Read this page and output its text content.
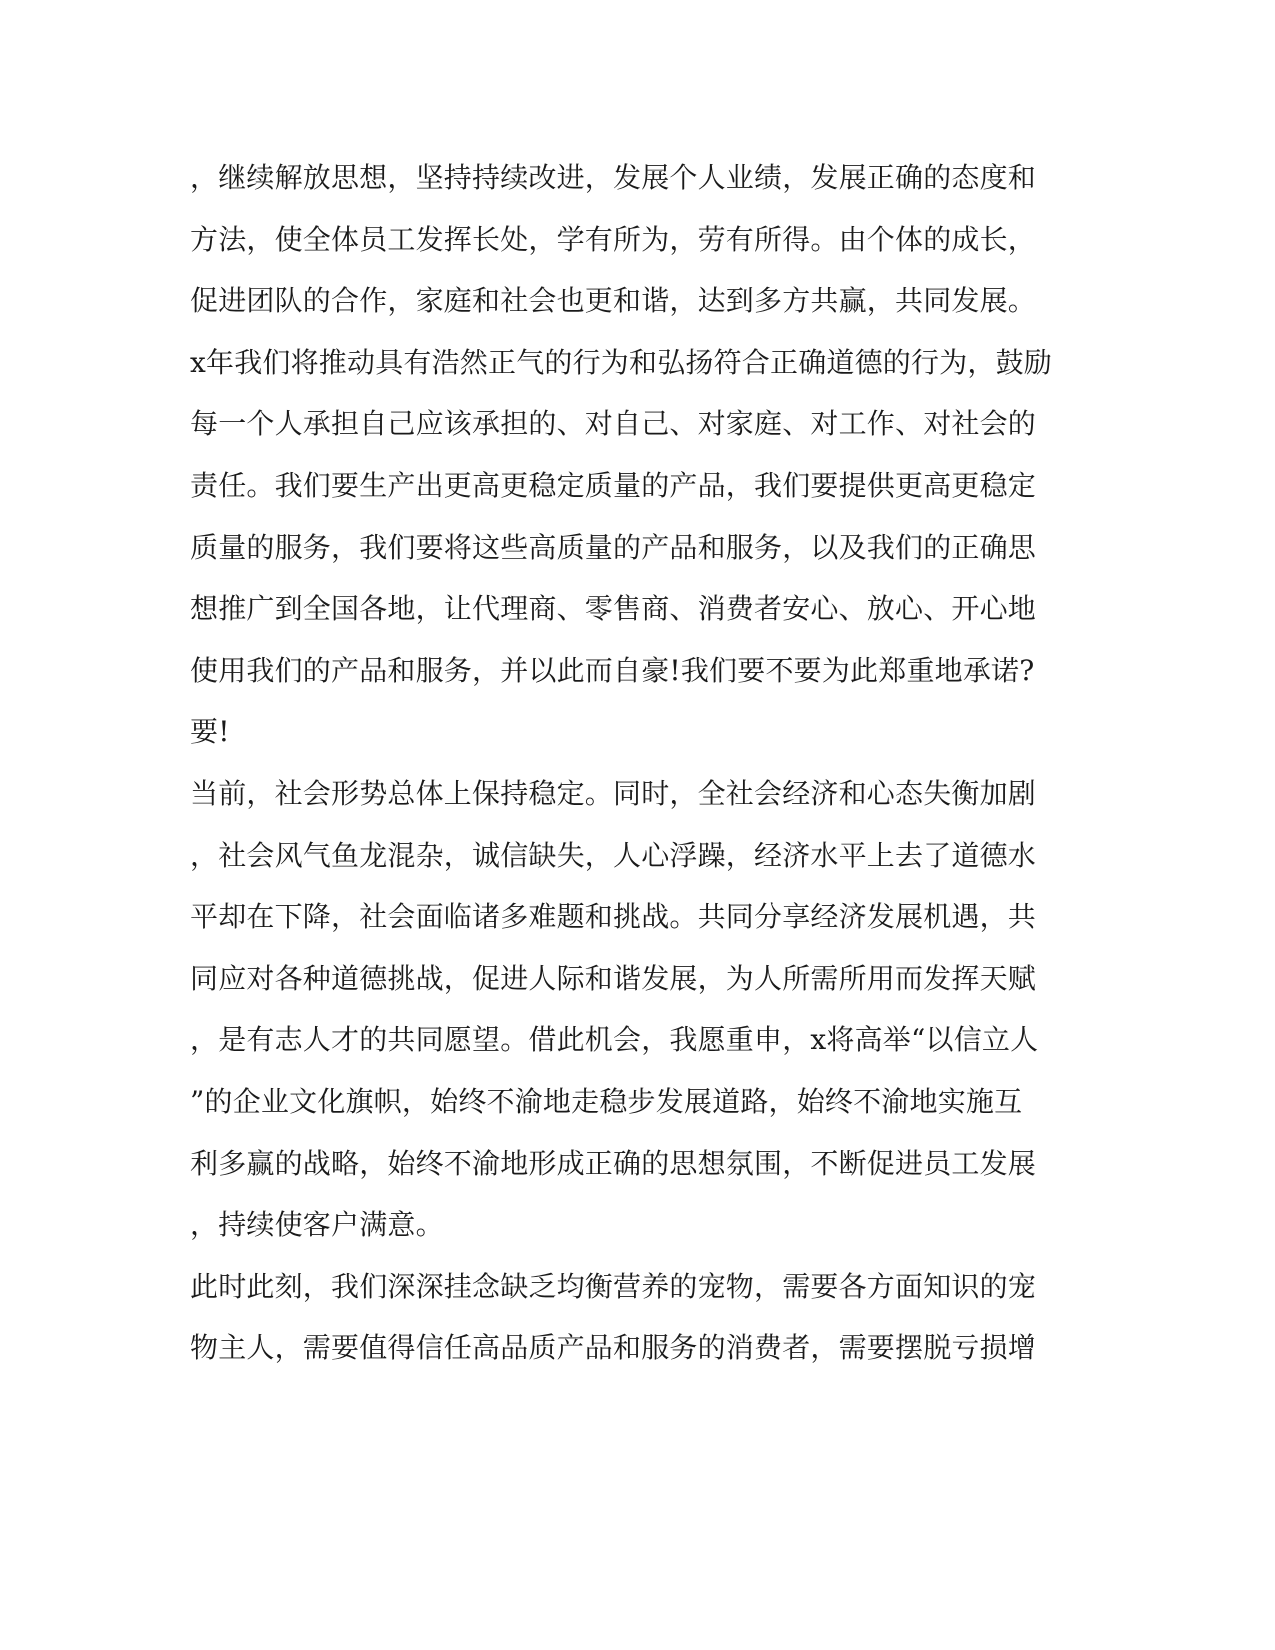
，继续解放思想，坚持持续改进，发展个人业绩，发展正确的态度和
方法，使全体员工发挥长处，学有所为，劳有所得。由个体的成长，
促进团队的合作，家庭和社会也更和谐，达到多方共赢，共同发展。
x年我们将推动具有浩然正气的行为和弘扬符合正确道德的行为，鼓励
每一个人承担自己应该承担的、对自己、对家庭、对工作、对社会的
责任。我们要生产出更高更稳定质量的产品，我们要提供更高更稳定
质量的服务，我们要将这些高质量的产品和服务，以及我们的正确思
想推广到全国各地，让代理商、零售商、消费者安心、放心、开心地
使用我们的产品和服务，并以此而自豪!我们要不要为此郑重地承诺?
要!
当前，社会形势总体上保持稳定。同时，全社会经济和心态失衡加剧
，社会风气鱼龙混杂，诚信缺失，人心浮躁，经济水平上去了道德水
平却在下降，社会面临诸多难题和挑战。共同分享经济发展机遇，共
同应对各种道德挑战，促进人际和谐发展，为人所需所用而发挥天赋
，是有志人才的共同愿望。借此机会，我愿重申，x将高举“以信立人
”的企业文化旗帜，始终不渝地走稳步发展道路，始终不渝地实施互
利多赢的战略，始终不渝地形成正确的思想氛围，不断促进员工发展
，持续使客户满意。
此时此刻，我们深深挂念缺乏均衡营养的宠物，需要各方面知识的宠
物主人，需要值得信任高品质产品和服务的消费者，需要摆脱亏损增
